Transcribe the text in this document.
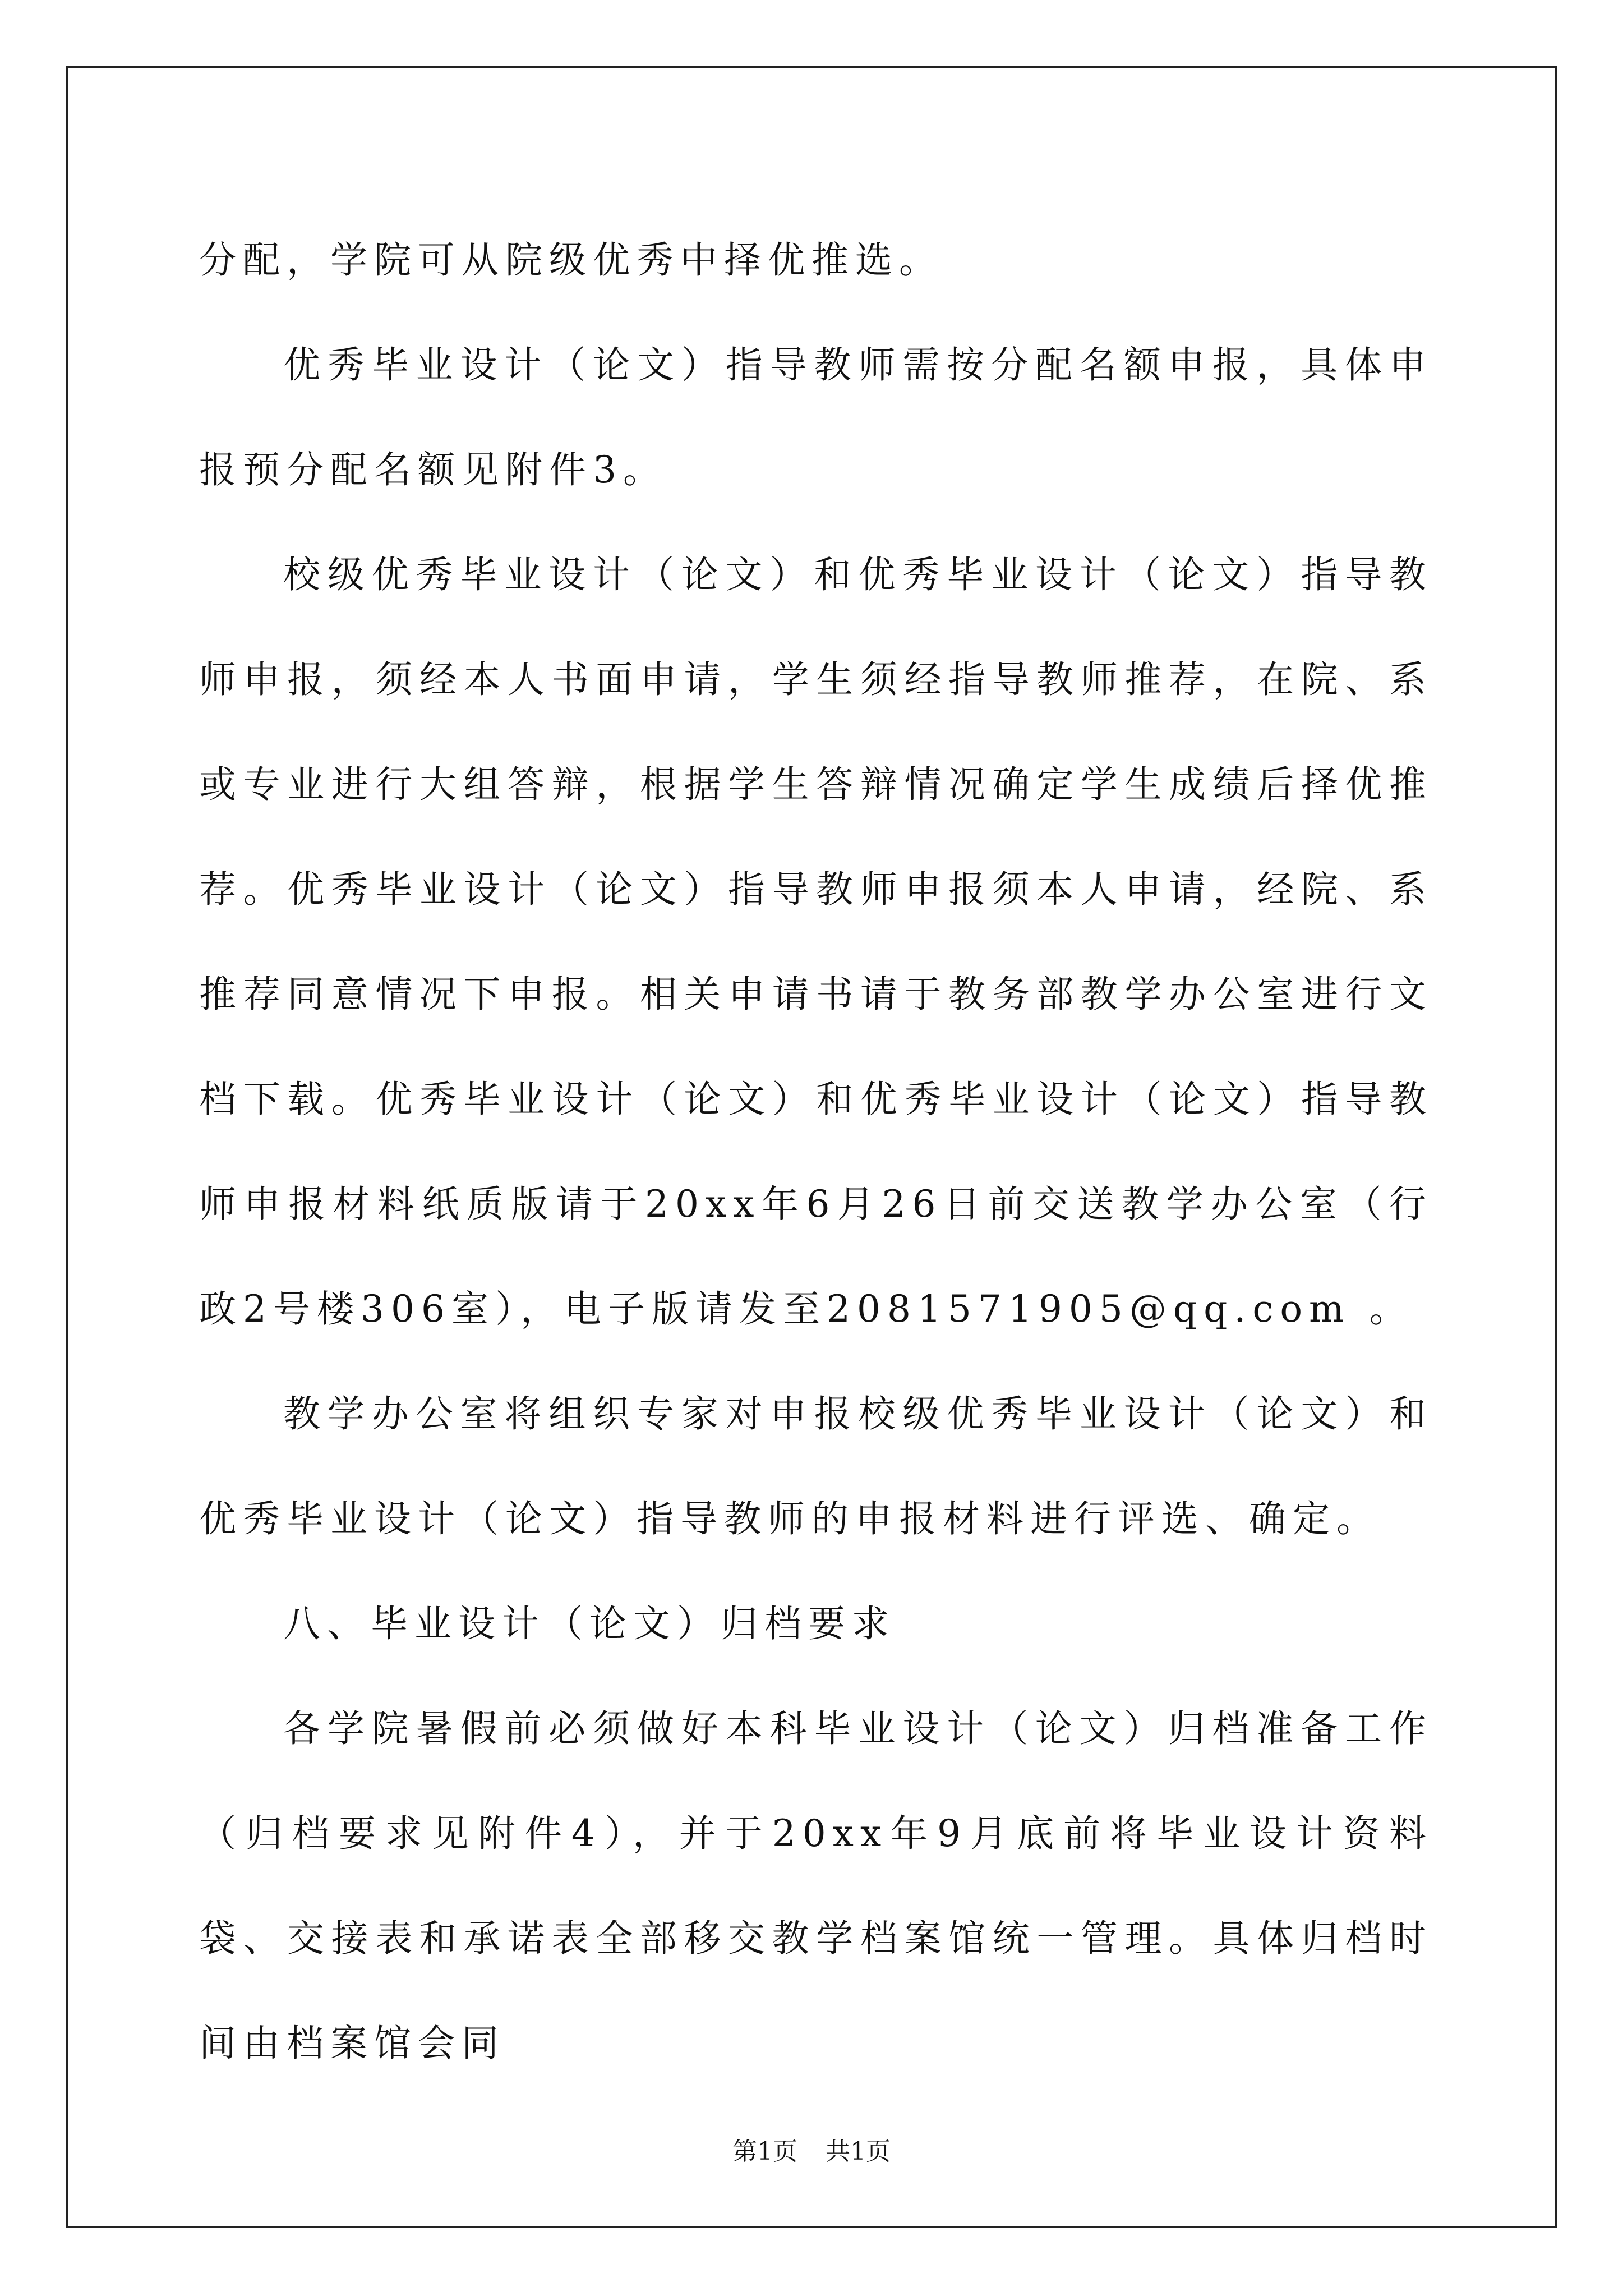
分配，学院可从院级优秀中择优推选。

优秀毕业设计（论文）指导教师需按分配名额申报，具体申报预分配名额见附件3。

校级优秀毕业设计（论文）和优秀毕业设计（论文）指导教师申报，须经本人书面申请，学生须经指导教师推荐，在院、系或专业进行大组答辩，根据学生答辩情况确定学生成绩后择优推荐。优秀毕业设计（论文）指导教师申报须本人申请，经院、系推荐同意情况下申报。相关申请书请于教务部教学办公室进行文档下载。优秀毕业设计（论文）和优秀毕业设计（论文）指导教师申报材料纸质版请于20xx年6月26日前交送教学办公室（行政2号楼306室），电子版请发至2081571905@qq.com 。

教学办公室将组织专家对申报校级优秀毕业设计（论文）和优秀毕业设计（论文）指导教师的申报材料进行评选、确定。

八、毕业设计（论文）归档要求

各学院暑假前必须做好本科毕业设计（论文）归档准备工作（归档要求见附件4），并于20xx年9月底前将毕业设计资料袋、交接表和承诺表全部移交教学档案馆统一管理。具体归档时间由档案馆会同

第1页 共1页
